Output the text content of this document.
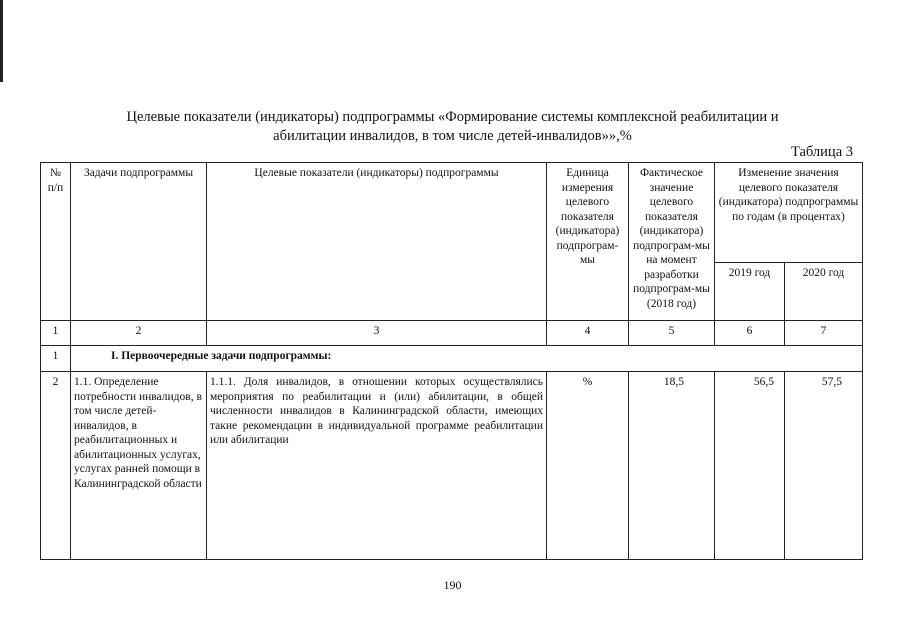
Целевые показатели (индикаторы) подпрограммы «Формирование системы комплексной реабилитации и
абилитации инвалидов, в том числе детей-инвалидов»»,%
Таблица 3
№ п/п	Задачи подпрограммы	Целевые показатели (индикаторы) подпрограммы	Единица измерения целевого показателя (индикатора) подпрограм-мы	Фактическое значение целевого показателя (индикатора) подпрограм-мы на момент разработки подпрограм-мы (2018 год)	Изменение значения целевого показателя (индикатора) подпрограммы по годам (в процентах)	
					2019 год	2020 год
1	2	3	4	5	6	7
1	I. Первоочередные задачи подпрограммы:					
2	1.1. Определение потребности инвалидов, в том числе детей-инвалидов, в реабилитационных и абилитационных услугах, услугах ранней помощи в Калининградской области	1.1.1. Доля инвалидов, в отношении которых осуществлялись мероприятия по реабилитации и (или) абилитации, в общей численности инвалидов в Калининградской области, имеющих такие рекомендации в индивидуальной программе реабилитации или абилитации	%	18,5	56,5	57,5
190
